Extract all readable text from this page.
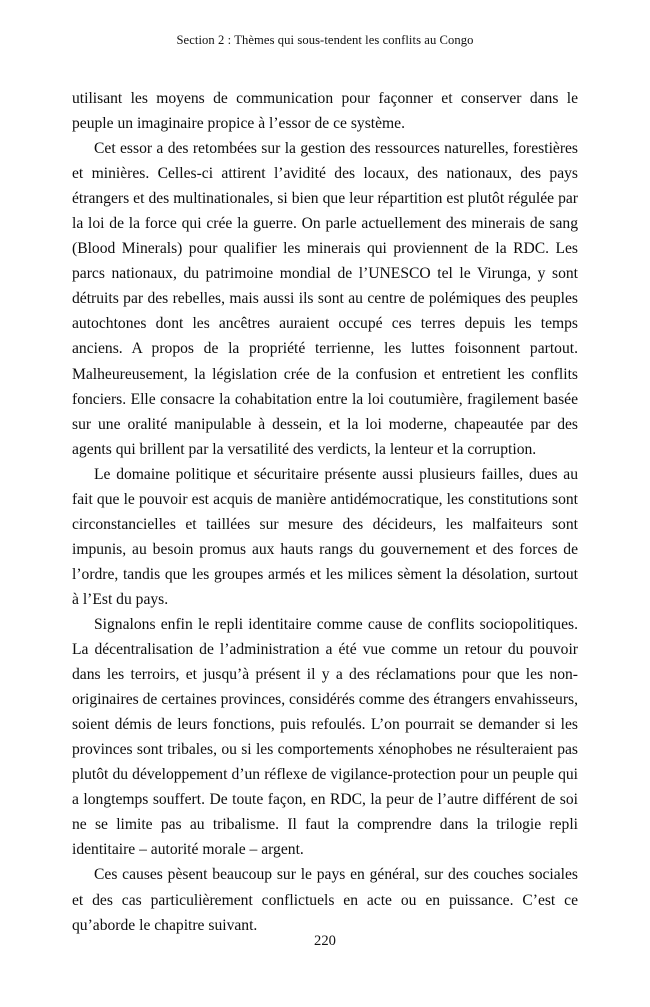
Section 2 : Thèmes qui sous-tendent les conflits au Congo

utilisant les moyens de communication pour façonner et conserver dans le peuple un imaginaire propice à l’essor de ce système.

Cet essor a des retombées sur la gestion des ressources naturelles, forestières et minières. Celles-ci attirent l’avidité des locaux, des nationaux, des pays étrangers et des multinationales, si bien que leur répartition est plutôt régulée par la loi de la force qui crée la guerre. On parle actuellement des minerais de sang (Blood Minerals) pour qualifier les minerais qui proviennent de la RDC. Les parcs nationaux, du patrimoine mondial de l’UNESCO tel le Virunga, y sont détruits par des rebelles, mais aussi ils sont au centre de polémiques des peuples autochtones dont les ancêtres auraient occupé ces terres depuis les temps anciens. A propos de la propriété terrienne, les luttes foisonnent partout. Malheureusement, la législation crée de la confusion et entretient les conflits fonciers. Elle consacre la cohabitation entre la loi coutumière, fragilement basée sur une oralité manipulable à dessein, et la loi moderne, chapeautée par des agents qui brillent par la versatilité des verdicts, la lenteur et la corruption.

Le domaine politique et sécuritaire présente aussi plusieurs failles, dues au fait que le pouvoir est acquis de manière antidémocratique, les constitutions sont circonstancielles et taillées sur mesure des décideurs, les malfaiteurs sont impunis, au besoin promus aux hauts rangs du gouvernement et des forces de l’ordre, tandis que les groupes armés et les milices sèment la désolation, surtout à l’Est du pays.

Signalons enfin le repli identitaire comme cause de conflits sociopolitiques. La décentralisation de l’administration a été vue comme un retour du pouvoir dans les terroirs, et jusqu’à présent il y a des réclamations pour que les non-originaires de certaines provinces, considérés comme des étrangers envahisseurs, soient démis de leurs fonctions, puis refoulés. L’on pourrait se demander si les provinces sont tribales, ou si les comportements xénophobes ne résulteraient pas plutôt du développement d’un réflexe de vigilance-protection pour un peuple qui a longtemps souffert. De toute façon, en RDC, la peur de l’autre différent de soi ne se limite pas au tribalisme. Il faut la comprendre dans la trilogie repli identitaire – autorité morale – argent.

Ces causes pèsent beaucoup sur le pays en général, sur des couches sociales et des cas particulièrement conflictuels en acte ou en puissance. C’est ce qu’aborde le chapitre suivant.

220
